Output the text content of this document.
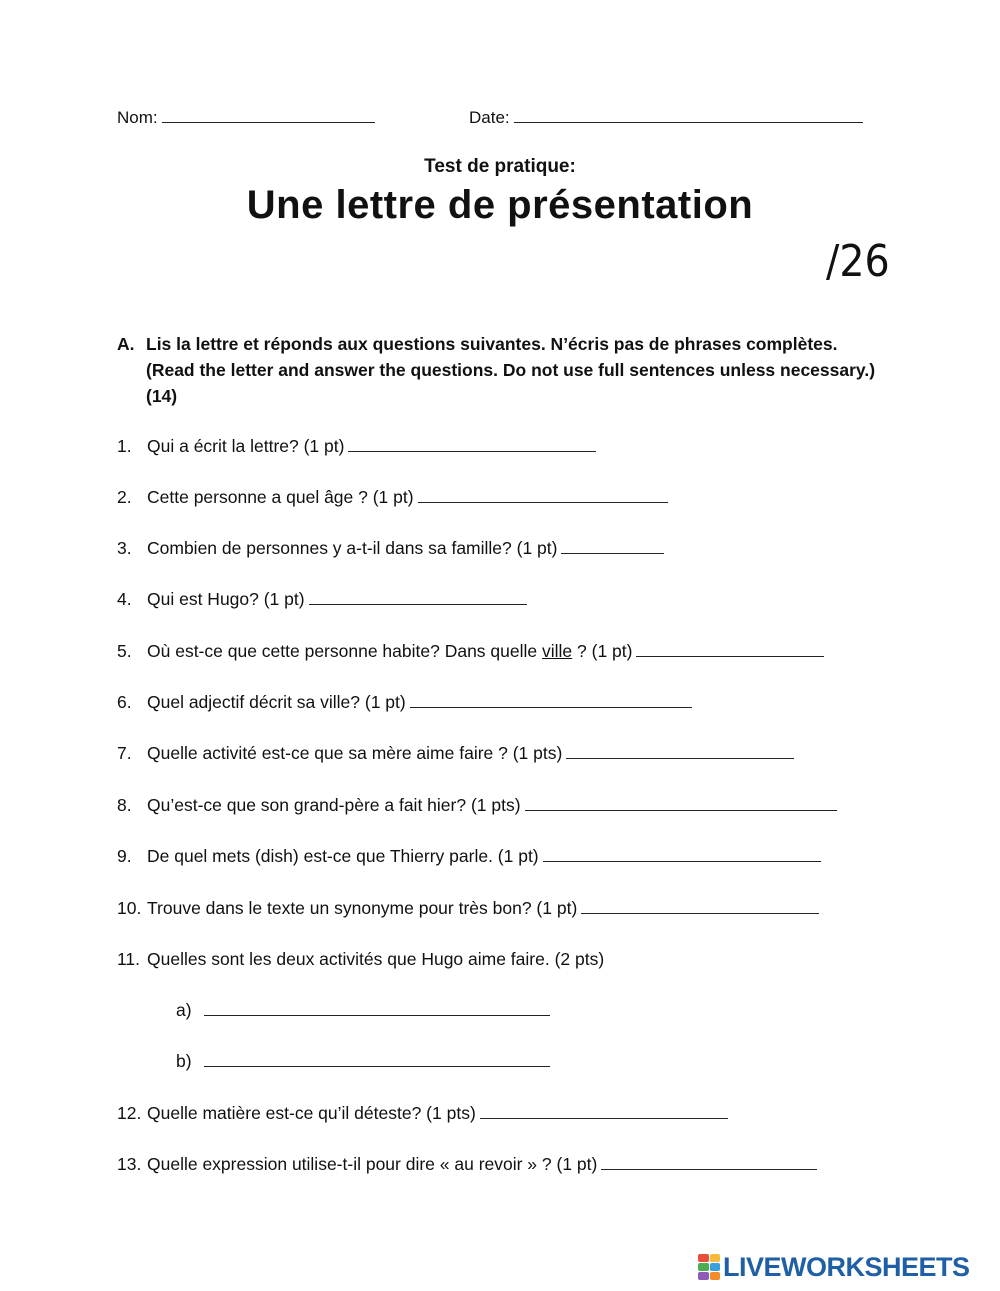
Nom:	Date:
Test de pratique:
Une lettre de présentation
/26
A. Lis la lettre et réponds aux questions suivantes. N’écris pas de phrases complètes. (Read the letter and answer the questions. Do not use full sentences unless necessary.) (14)
1. Qui a écrit la lettre? (1 pt)
2. Cette personne a quel âge ? (1 pt)
3. Combien de personnes y a-t-il dans sa famille? (1 pt)
4. Qui est Hugo? (1 pt)
5. Où est-ce que cette personne habite? Dans quelle ville ? (1 pt)
6. Quel adjectif décrit sa ville? (1 pt)
7. Quelle activité est-ce que sa mère aime faire ? (1 pts)
8. Qu’est-ce que son grand-père a fait hier? (1 pts)
9. De quel mets (dish) est-ce que Thierry parle. (1 pt)
10. Trouve dans le texte un synonyme pour très bon? (1 pt)
11. Quelles sont les deux activités que Hugo aime faire. (2 pts)
a)
b)
12. Quelle matière est-ce qu’il déteste? (1 pts)
13. Quelle expression utilise-t-il pour dire « au revoir » ? (1 pt)
LIVEWORKSHEETS
